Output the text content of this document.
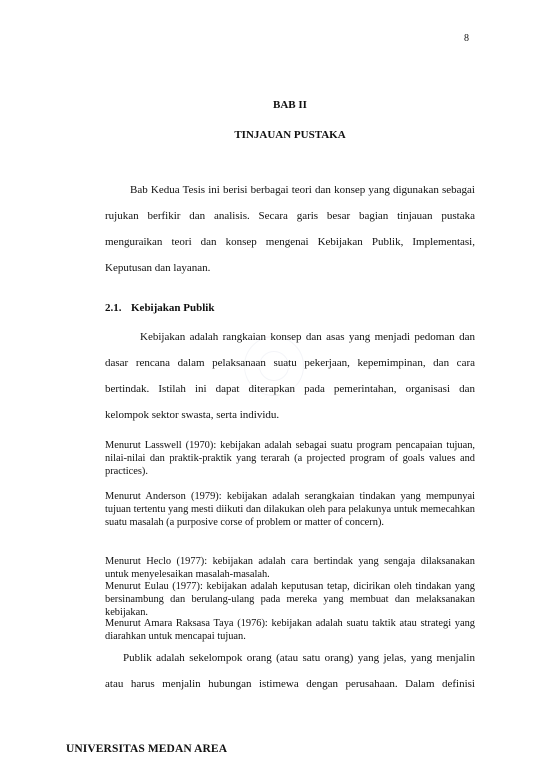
8
BAB II
TINJAUAN PUSTAKA
Bab Kedua Tesis ini berisi berbagai teori dan konsep yang digunakan sebagai
rujukan berfikir dan analisis. Secara garis besar bagian tinjauan pustaka
menguraikan teori dan konsep mengenai Kebijakan Publik, Implementasi,
Keputusan dan layanan.
2.1. Kebijakan Publik
Kebijakan adalah rangkaian konsep dan asas yang menjadi pedoman dan
dasar rencana dalam pelaksanaan suatu pekerjaan, kepemimpinan, dan cara
bertindak. Istilah ini dapat diterapkan pada pemerintahan, organisasi dan
kelompok sektor swasta, serta individu.
Menurut Lasswell (1970): kebijakan adalah sebagai suatu program pencapaian tujuan, nilai-nilai dan praktik-praktik yang terarah (a projected program of goals values and practices).
Menurut Anderson (1979): kebijakan adalah serangkaian tindakan yang mempunyai tujuan tertentu yang mesti diikuti dan dilakukan oleh para pelakunya untuk memecahkan suatu masalah (a purposive corse of problem or matter of concern).
Menurut Heclo (1977): kebijakan adalah cara bertindak yang sengaja dilaksanakan untuk menyelesaikan masalah-masalah.
Menurut Eulau (1977): kebijakan adalah keputusan tetap, dicirikan oleh tindakan yang bersinambung dan berulang-ulang pada mereka yang membuat dan melaksanakan kebijakan.
Menurut Amara Raksasa Taya (1976): kebijakan adalah suatu taktik atau strategi yang diarahkan untuk mencapai tujuan.
Publik adalah sekelompok orang (atau satu orang) yang jelas, yang menjalin
atau harus menjalin hubungan istimewa dengan perusahaan. Dalam definisi
UNIVERSITAS MEDAN AREA
